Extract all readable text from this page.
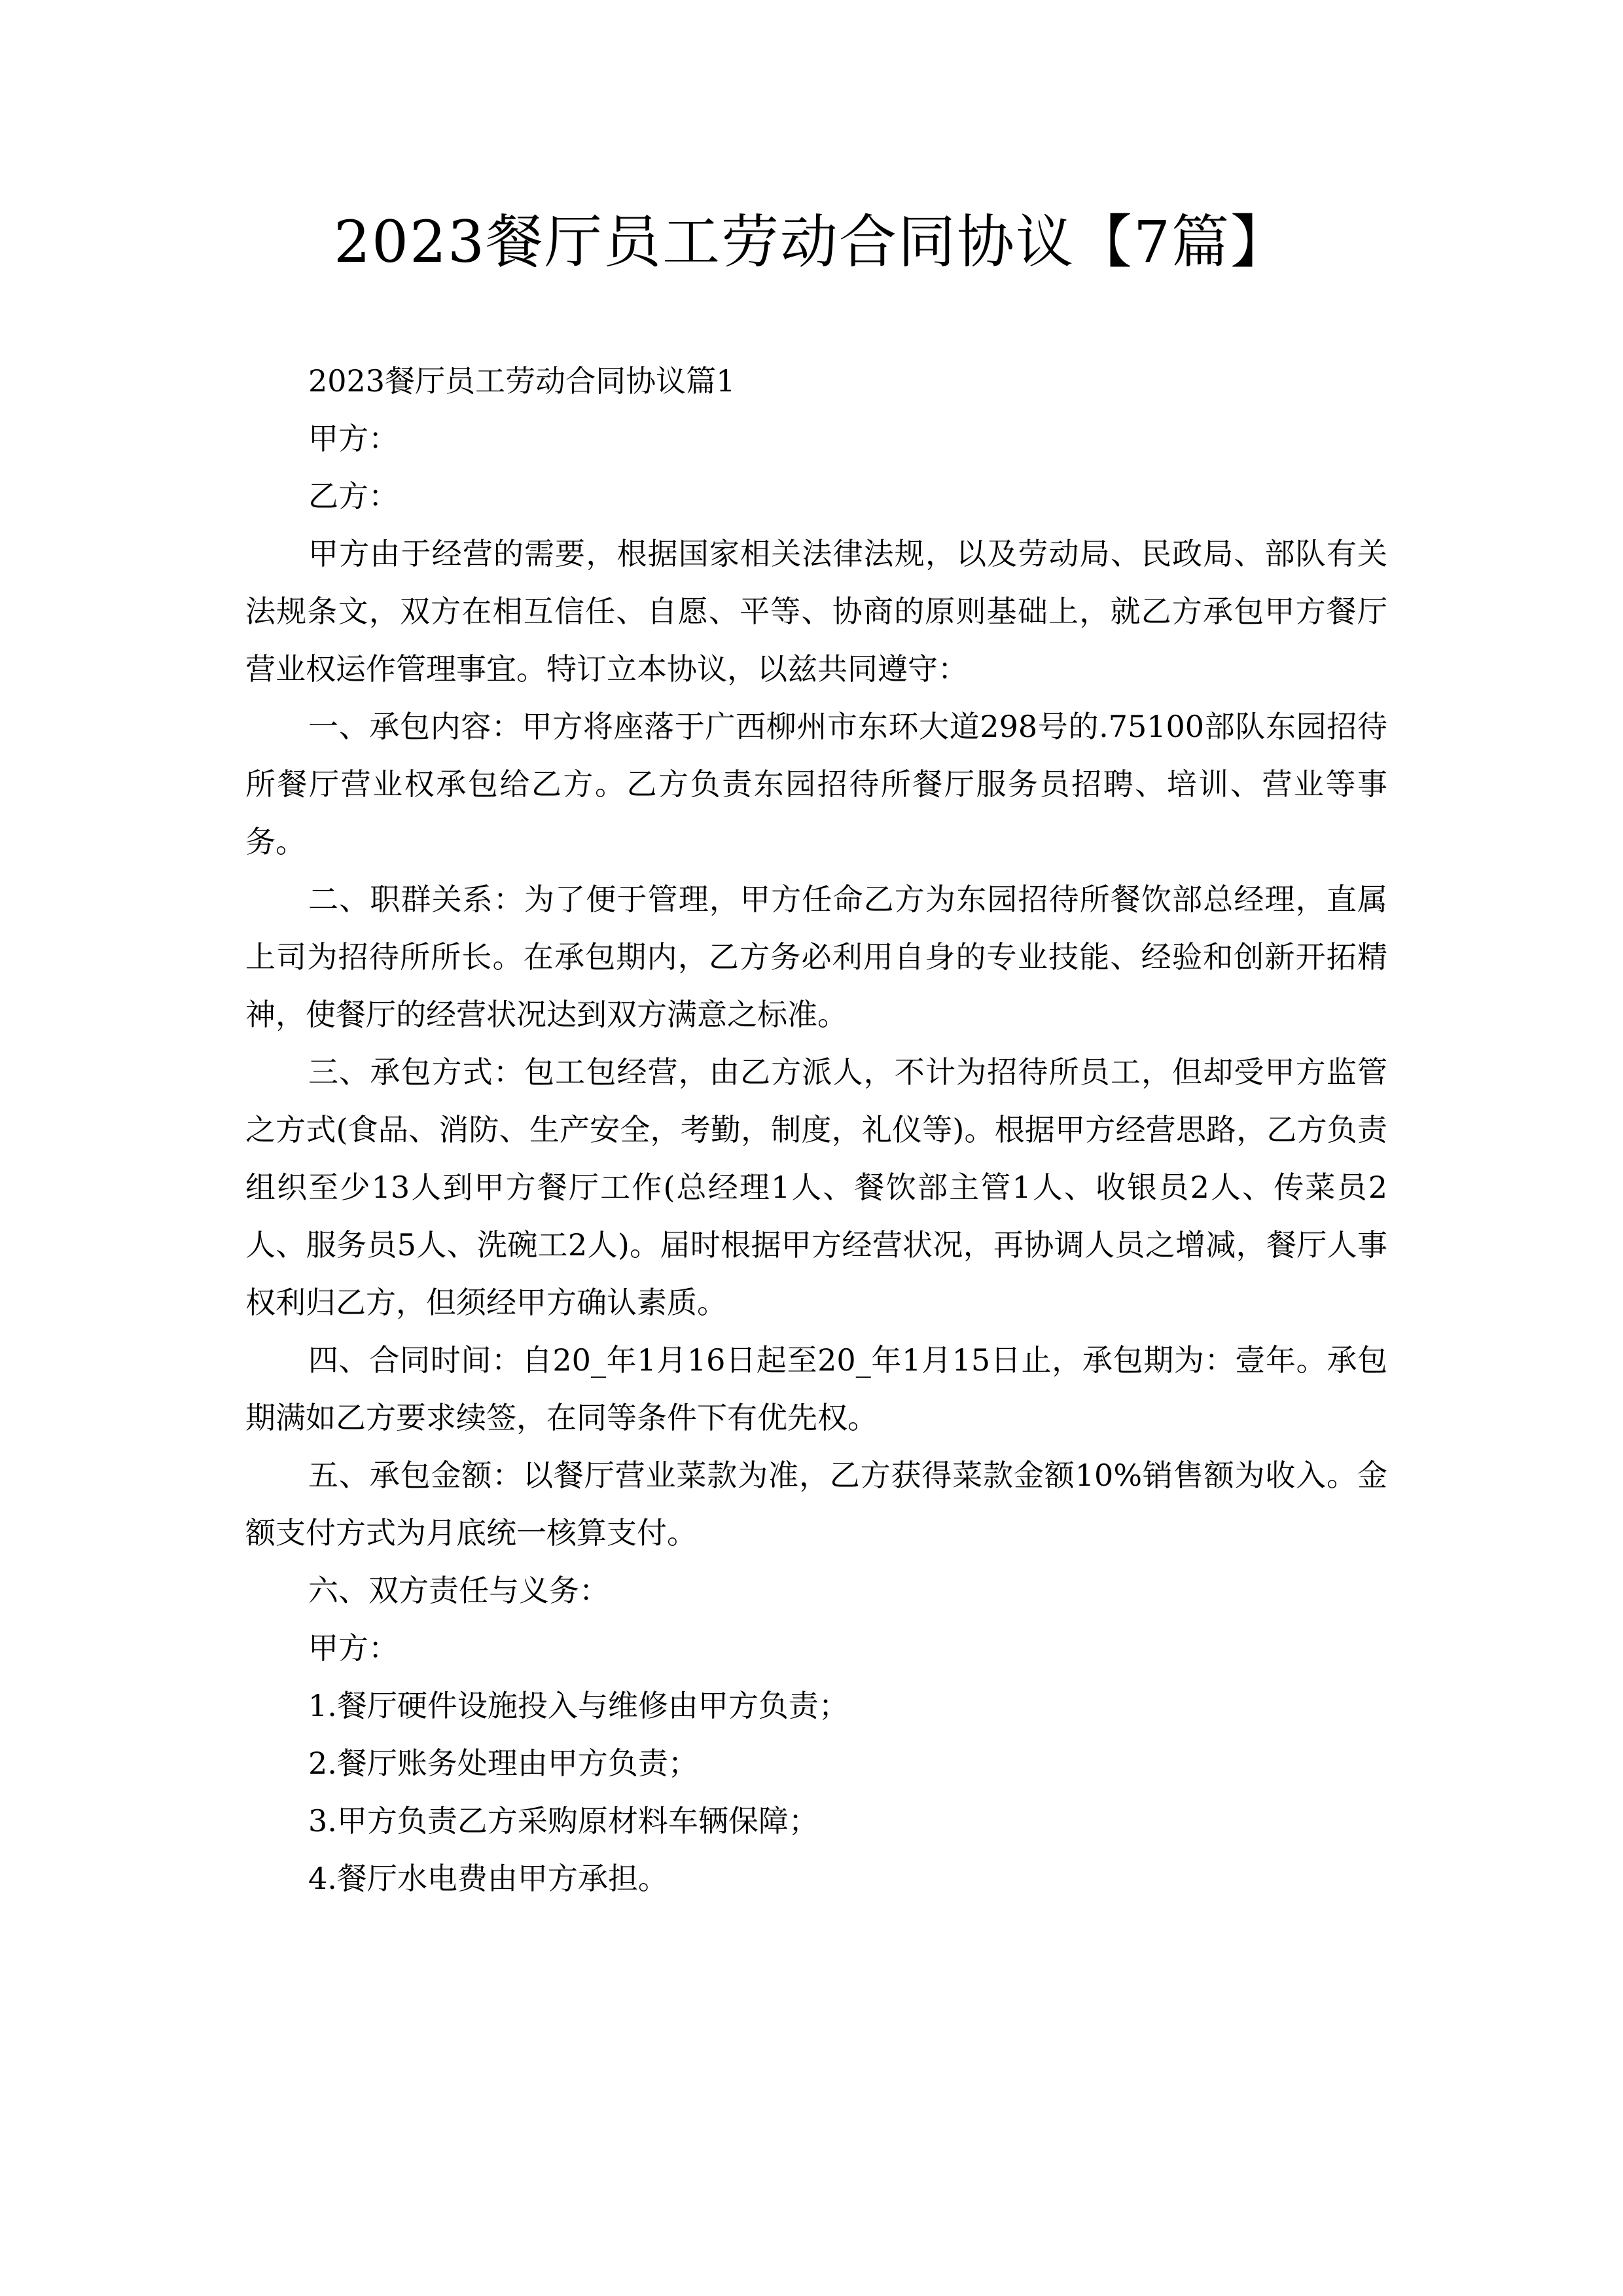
2023餐厅员工劳动合同协议【7篇】

2023餐厅员工劳动合同协议篇1

甲方：

乙方：

甲方由于经营的需要，根据国家相关法律法规，以及劳动局、民政局、部队有关法规条文，双方在相互信任、自愿、平等、协商的原则基础上，就乙方承包甲方餐厅营业权运作管理事宜。特订立本协议，以兹共同遵守：

一、承包内容：甲方将座落于广西柳州市东环大道298号的.75100部队东园招待所餐厅营业权承包给乙方。乙方负责东园招待所餐厅服务员招聘、培训、营业等事务。

二、职群关系：为了便于管理，甲方任命乙方为东园招待所餐饮部总经理，直属上司为招待所所长。在承包期内，乙方务必利用自身的专业技能、经验和创新开拓精神，使餐厅的经营状况达到双方满意之标准。

三、承包方式：包工包经营，由乙方派人，不计为招待所员工，但却受甲方监管之方式(食品、消防、生产安全，考勤，制度，礼仪等)。根据甲方经营思路，乙方负责组织至少13人到甲方餐厅工作(总经理1人、餐饮部主管1人、收银员2人、传菜员2人、服务员5人、洗碗工2人)。届时根据甲方经营状况，再协调人员之增减，餐厅人事权利归乙方，但须经甲方确认素质。

四、合同时间：自20_年1月16日起至20_年1月15日止，承包期为：壹年。承包期满如乙方要求续签，在同等条件下有优先权。

五、承包金额：以餐厅营业菜款为准，乙方获得菜款金额10%销售额为收入。金额支付方式为月底统一核算支付。

六、双方责任与义务：

甲方：

1.餐厅硬件设施投入与维修由甲方负责；

2.餐厅账务处理由甲方负责；

3.甲方负责乙方采购原材料车辆保障；

4.餐厅水电费由甲方承担。
